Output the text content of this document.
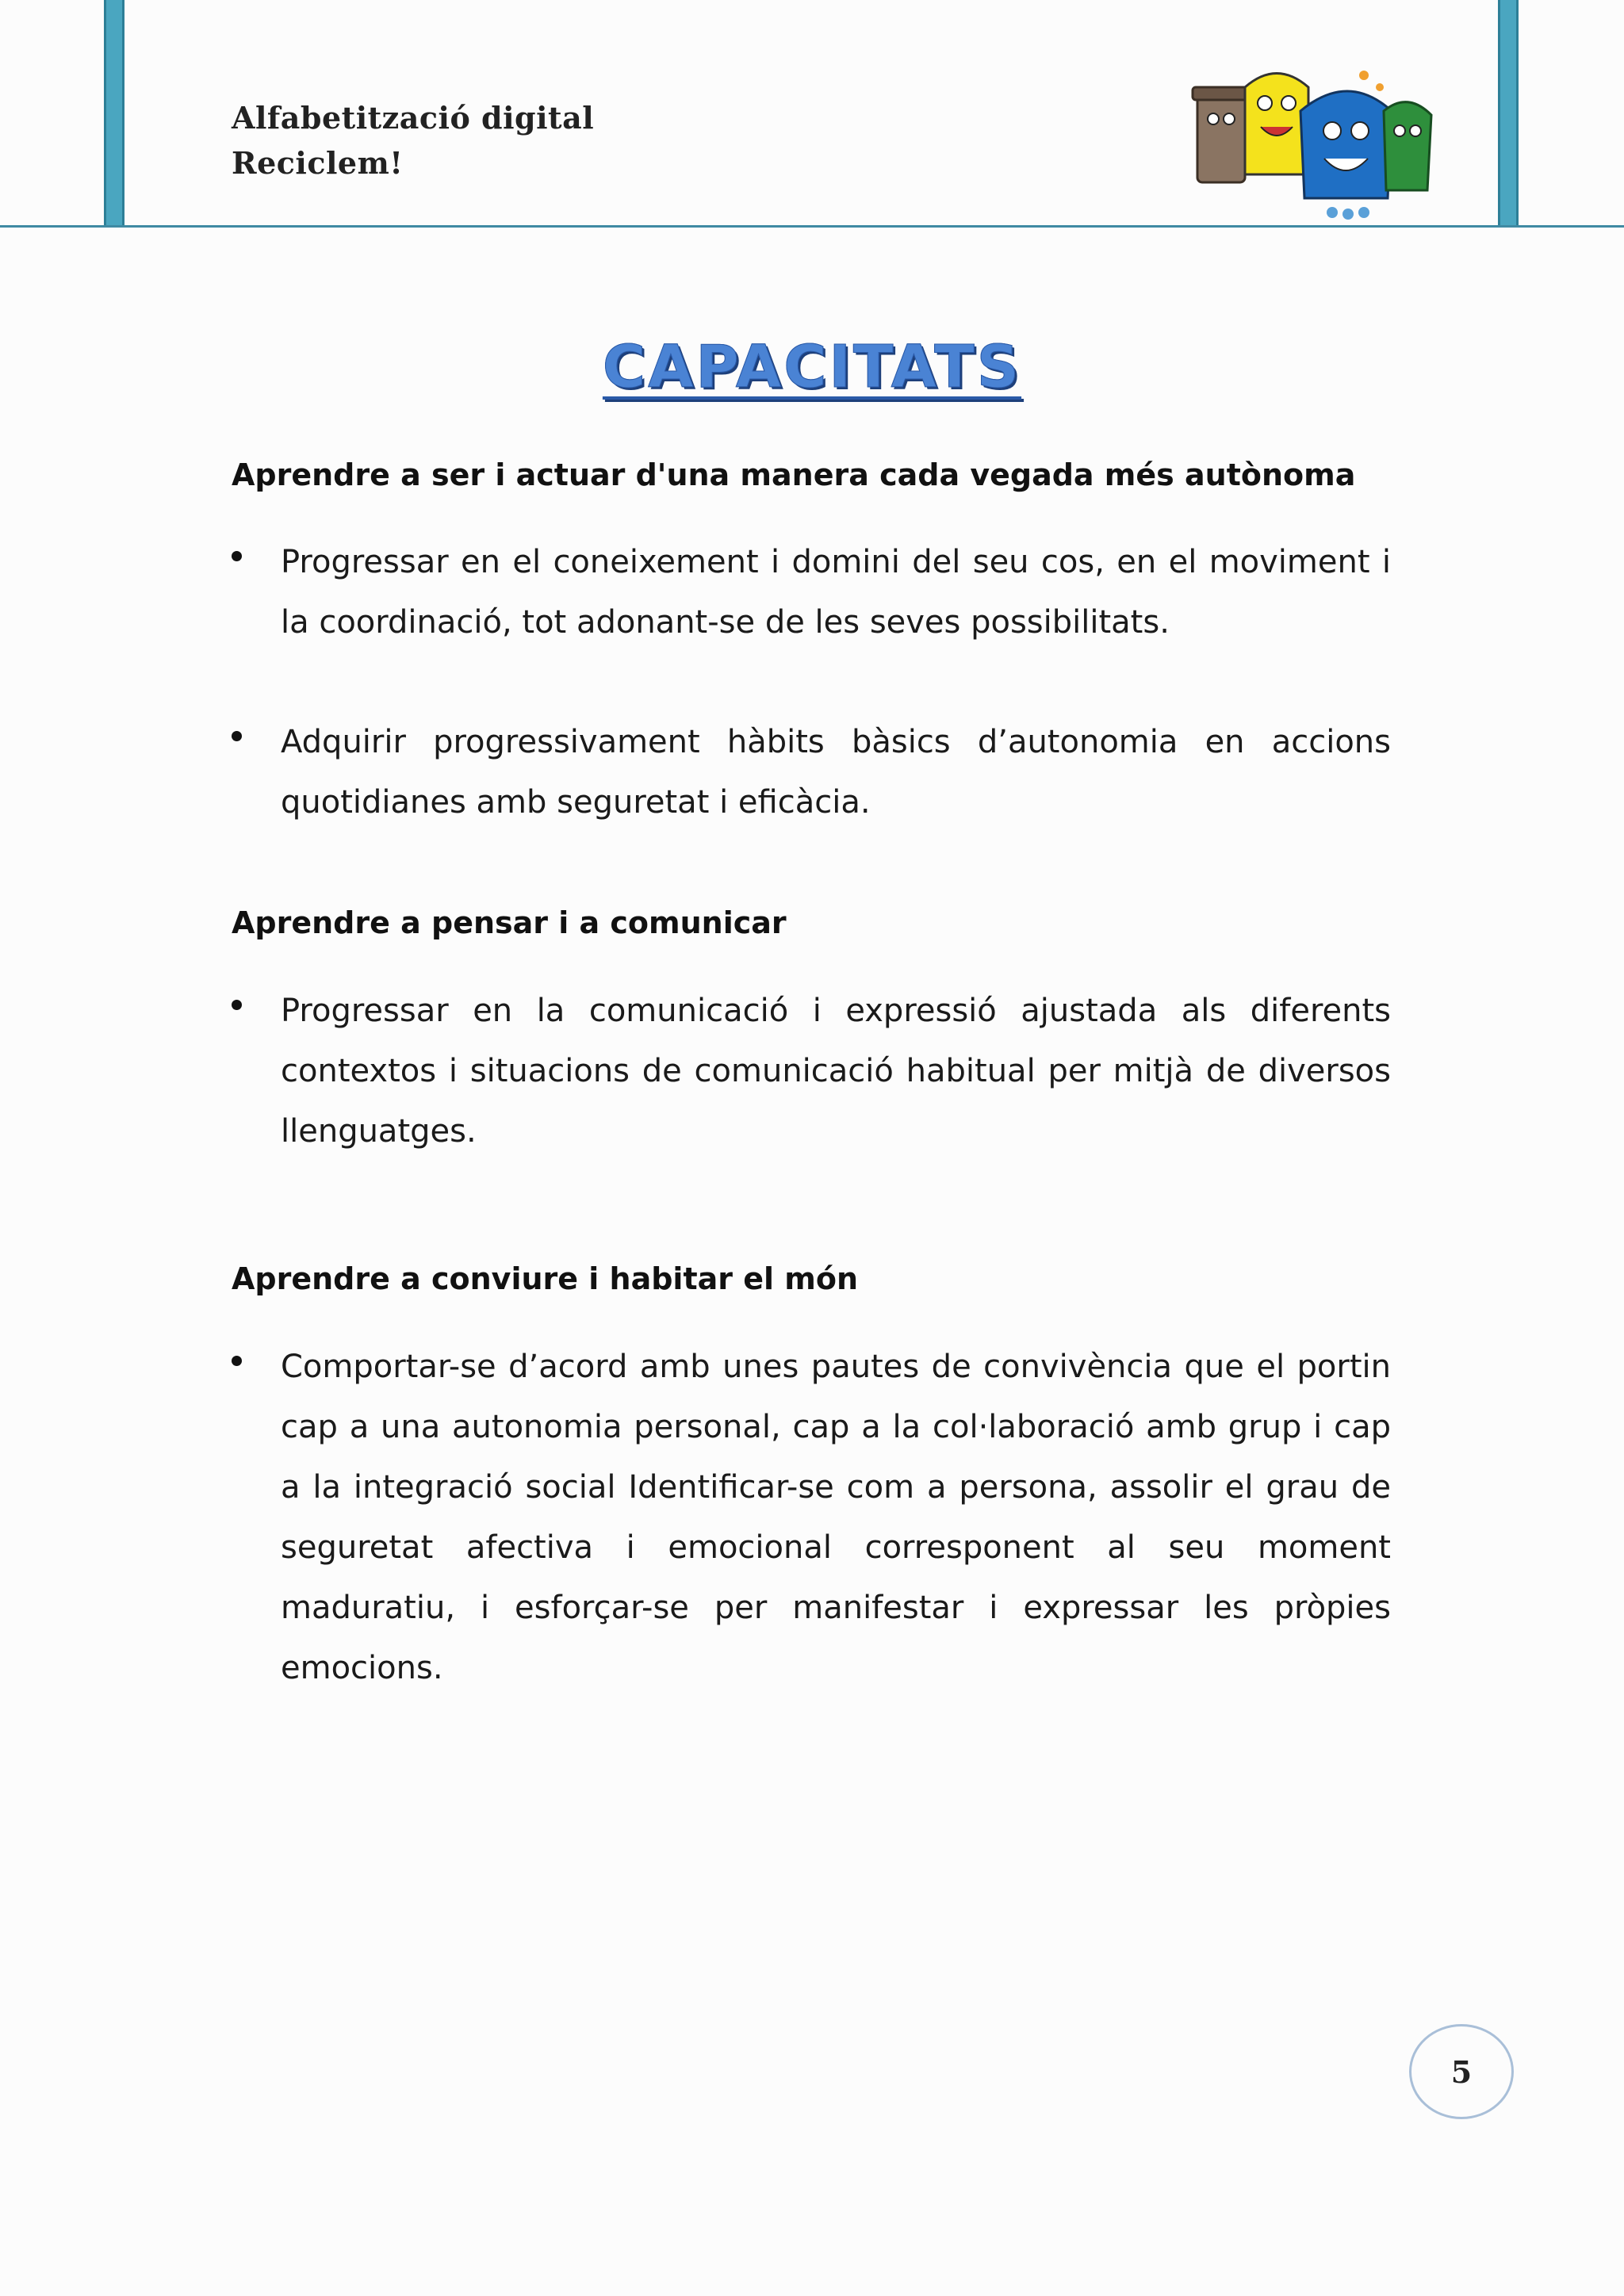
Alfabetització digital
Reciclem!
CAPACITATS
Aprendre a ser i actuar d'una manera cada vegada més autònoma
Progressar en el coneixement i domini del seu cos, en el moviment i la coordinació, tot adonant-se de les seves possibilitats.
Adquirir progressivament hàbits bàsics d’autonomia en accions quotidianes amb seguretat i eficàcia.
Aprendre a pensar i a comunicar
Progressar en la comunicació i expressió ajustada als diferents contextos i situacions de comunicació habitual per mitjà de diversos llenguatges.
Aprendre a conviure i habitar el món
Comportar-se d’acord amb unes pautes de convivència que el portin cap a una autonomia personal, cap a la col·laboració amb grup i cap a la integració social Identificar-se com a persona, assolir el grau de seguretat afectiva i emocional corresponent al seu moment maduratiu, i esforçar-se per manifestar i expressar les pròpies emocions.
5
